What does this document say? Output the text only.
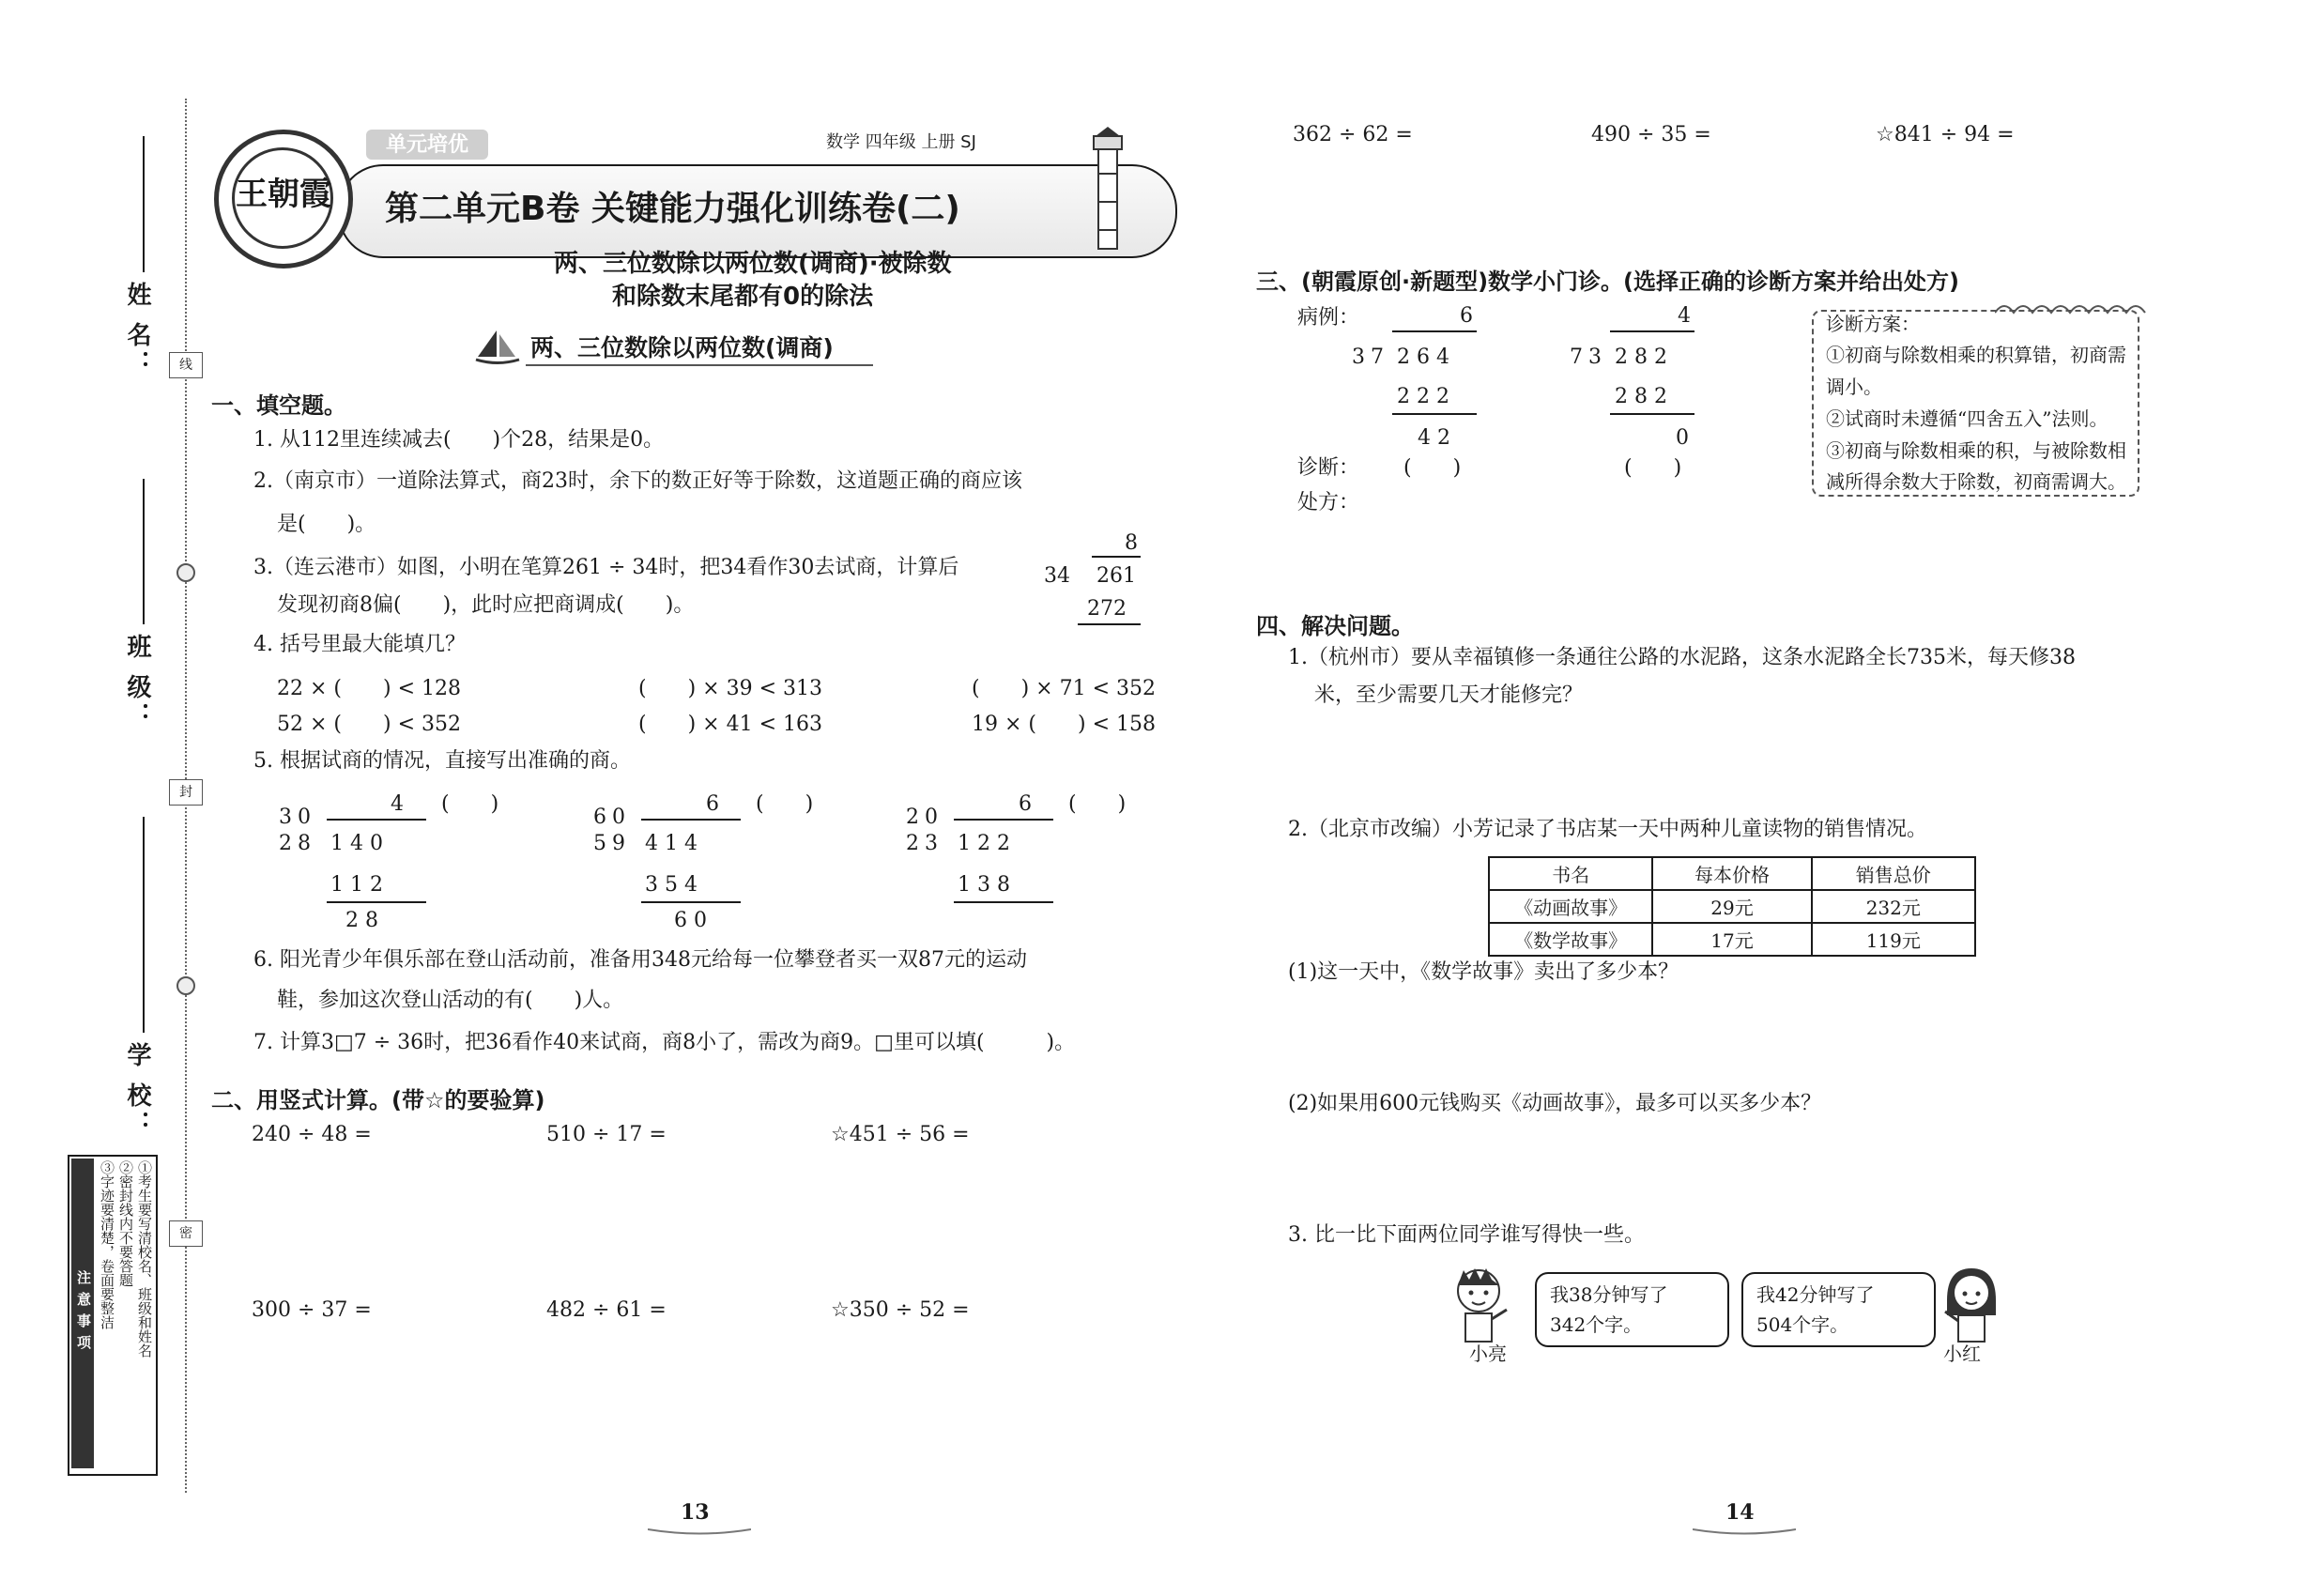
线
封
密
姓 名：
班 级：
学 校：
注意事项	①考生要写清校名、班级和姓名
②密封线内不要答题
③字迹要清楚，卷面要整洁
王朝霞
单元培优	数学 四年级 上册 SJ
第二单元B卷 关键能力强化训练卷(二)
两、三位数除以两位数(调商)·被除数
和除数末尾都有0的除法
两、三位数除以两位数(调商)
一、填空题。
1. 从112里连续减去(　　)个28，结果是0。
2.（南京市）一道除法算式，商23时，余下的数正好等于除数，这道题正确的商应该
是(　　)。
3.（连云港市）如图，小明在笔算261 ÷ 34时，把34看作30去试商，计算后
发现初商8偏(　　)，此时应把商调成(　　)。
8
34 261
272
4. 括号里最大能填几？
22 × (　　) < 128	(　　) × 39 < 313	(　　) × 71 < 352
52 × (　　) < 352	(　　) × 41 < 163	19 × (　　) < 158
5. 根据试商的情况，直接写出准确的商。
30
4 (　　)
28 1 4 0
1 1 2
2 8
60
6 (　　)
59 4 1 4
3 5 4
6 0
20
6 (　　)
23 1 2 2
1 3 8
6. 阳光青少年俱乐部在登山活动前，准备用348元给每一位攀登者买一双87元的运动
鞋，参加这次登山活动的有(　　)人。
7. 计算3□7 ÷ 36时，把36看作40来试商，商8小了，需改为商9。□里可以填(　　　)。
二、用竖式计算。(带☆的要验算)
240 ÷ 48 =	510 ÷ 17 =	☆451 ÷ 56 =
300 ÷ 37 =	482 ÷ 61 =	☆350 ÷ 52 =
362 ÷ 62 =	490 ÷ 35 =	☆841 ÷ 94 =
三、(朝霞原创·新题型)数学小门诊。(选择正确的诊断方案并给出处方)
病例：	6
37 2 6 4
2 2 2
4 2
4
73 2 8 2
2 8 2
0
诊断： (　　)	(　　)
处方：
诊断方案：
①初商与除数相乘的积算错，初商需
调小。
②试商时未遵循“四舍五入”法则。
③初商与除数相乘的积，与被除数相
减所得余数大于除数，初商需调大。
四、解决问题。
1.（杭州市）要从幸福镇修一条通往公路的水泥路，这条水泥路全长735米，每天修38
米，至少需要几天才能修完？
2.（北京市改编）小芳记录了书店某一天中两种儿童读物的销售情况。
书名	每本价格	销售总价
《动画故事》	29元	232元
《数学故事》	17元	119元
(1)这一天中，《数学故事》卖出了多少本？
(2)如果用600元钱购买《动画故事》，最多可以买多少本？
3. 比一比下面两位同学谁写得快一些。
小亮
我38分钟写了
342个字。
我42分钟写了
504个字。
小红
13	14
